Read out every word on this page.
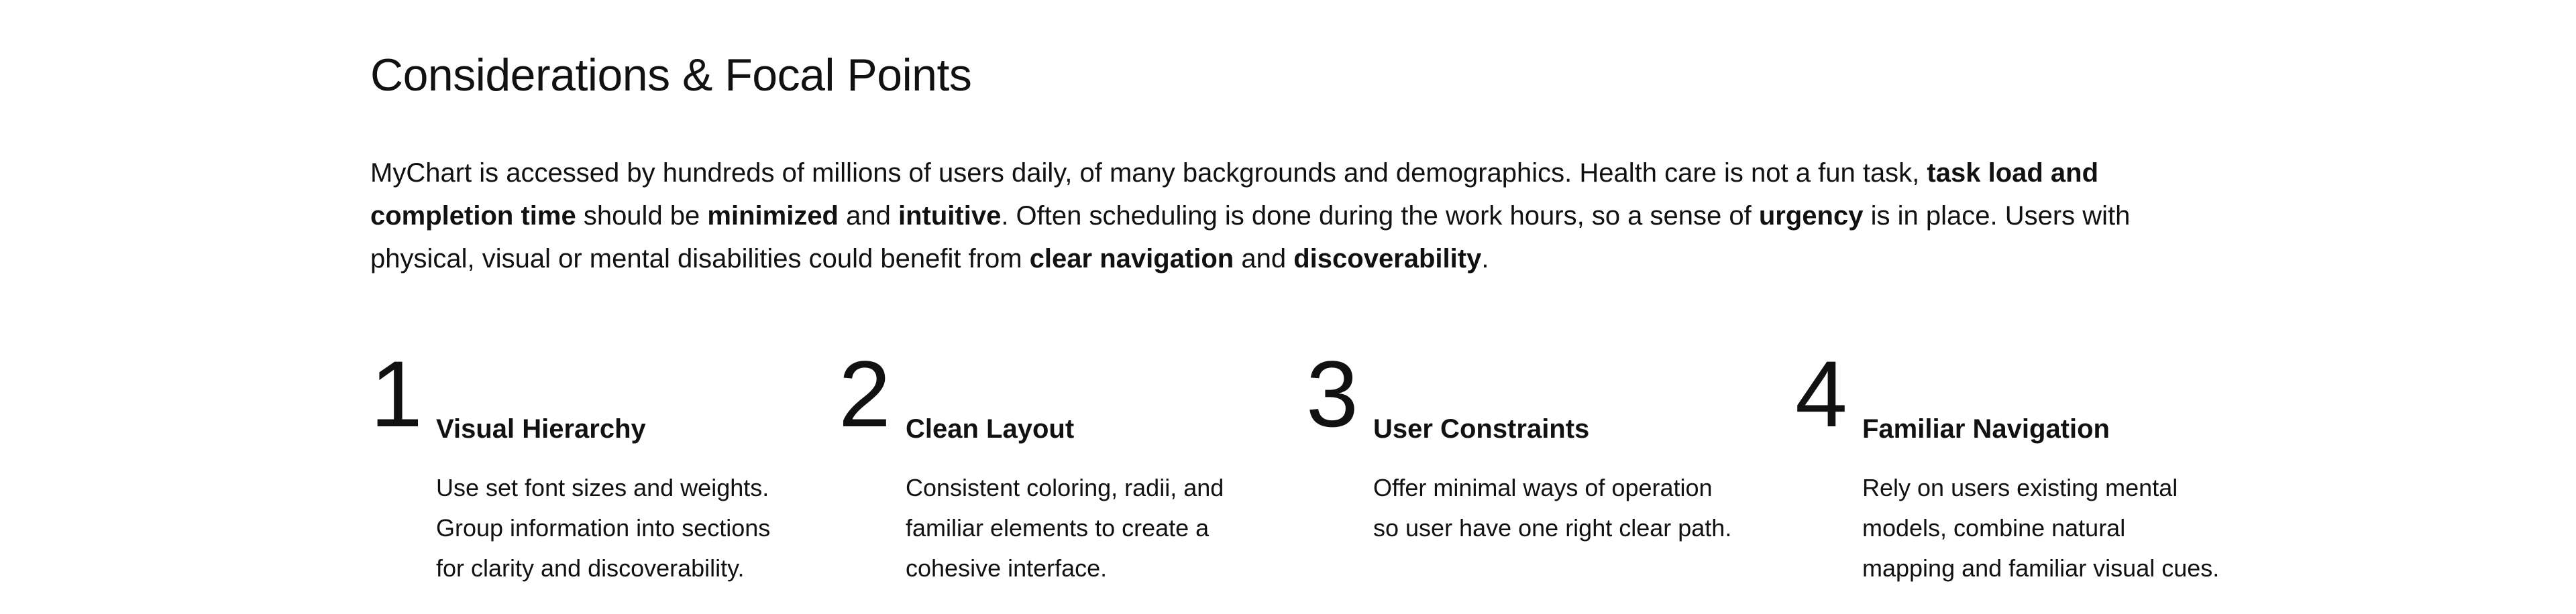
Considerations & Focal Points

MyChart is accessed by hundreds of millions of users daily, of many backgrounds and demographics. Health care is not a fun task, task load and completion time should be minimized and intuitive. Often scheduling is done during the work hours, so a sense of urgency is in place. Users with physical, visual or mental disabilities could benefit from clear navigation and discoverability.

1 Visual Hierarchy
Use set font sizes and weights.
Group information into sections
for clarity and discoverability.
2 Clean Layout
Consistent coloring, radii, and
familiar elements to create a
cohesive interface.
3 User Constraints
Offer minimal ways of operation
so user have one right clear path.
4 Familiar Navigation
Rely on users existing mental
models, combine natural
mapping and familiar visual cues.
